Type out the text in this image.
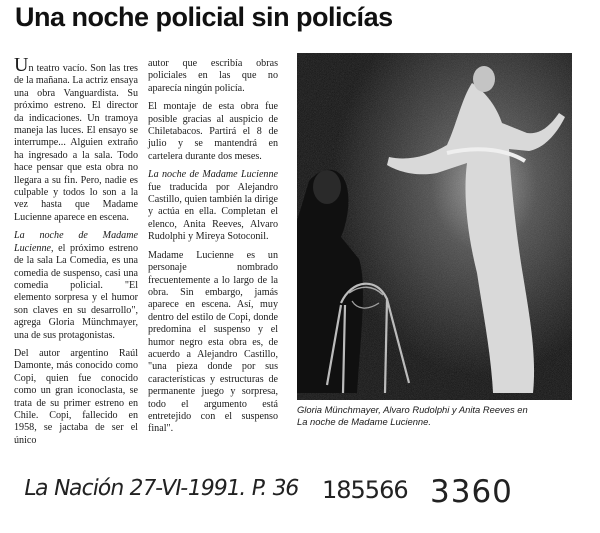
Una noche policial sin policías

Un teatro vacío. Son las tres de la mañana. La actriz ensaya una obra Vanguardista. Su próximo estreno. El director da indicaciones. Un tramoya maneja las luces. El ensayo se interrumpe... Alguien extraño ha ingresado a la sala. Todo hace pensar que esta obra no llegara a su fin. Pero, nadie es culpable y todos lo son a la vez hasta que Madame Lucienne aparece en escena.

La noche de Madame Lucienne, el próximo estreno de la sala La Comedia, es una comedia de suspenso, casi una comedia policial. "El elemento sorpresa y el humor son claves en su desarrollo", agrega Gloria Münchmayer, una de sus protagonistas.

Del autor argentino Raúl Damonte, más conocido como Copi, quien fue conocido como un gran iconoclasta, se trata de su primer estreno en Chile. Copi, fallecido en 1958, se jactaba de ser el único

autor que escribía obras policiales en las que no aparecía ningún policía.

El montaje de esta obra fue posible gracias al auspicio de Chiletabacos. Partirá el 8 de julio y se mantendrá en cartelera durante dos meses.

La noche de Madame Lucienne fue traducida por Alejandro Castillo, quien también la dirige y actúa en ella. Completan el elenco, Anita Reeves, Alvaro Rudolphi y Mireya Sotoconil.

Madame Lucienne es un personaje nombrado frecuentemente a lo largo de la obra. Sin embargo, jamás aparece en escena. Así, muy dentro del estilo de Copi, donde predomina el suspenso y el humor negro esta obra es, de acuerdo a Alejandro Castillo, "una pieza donde por sus características y estructuras de permanente juego y sorpresa, todo el argumento está entretejido con el suspenso final".

Gloria Münchmayer, Alvaro Rudolphi y Anita Reeves en
La noche de Madame Lucienne.
La Nación 27-VI-1991. P. 36 185566 3360
